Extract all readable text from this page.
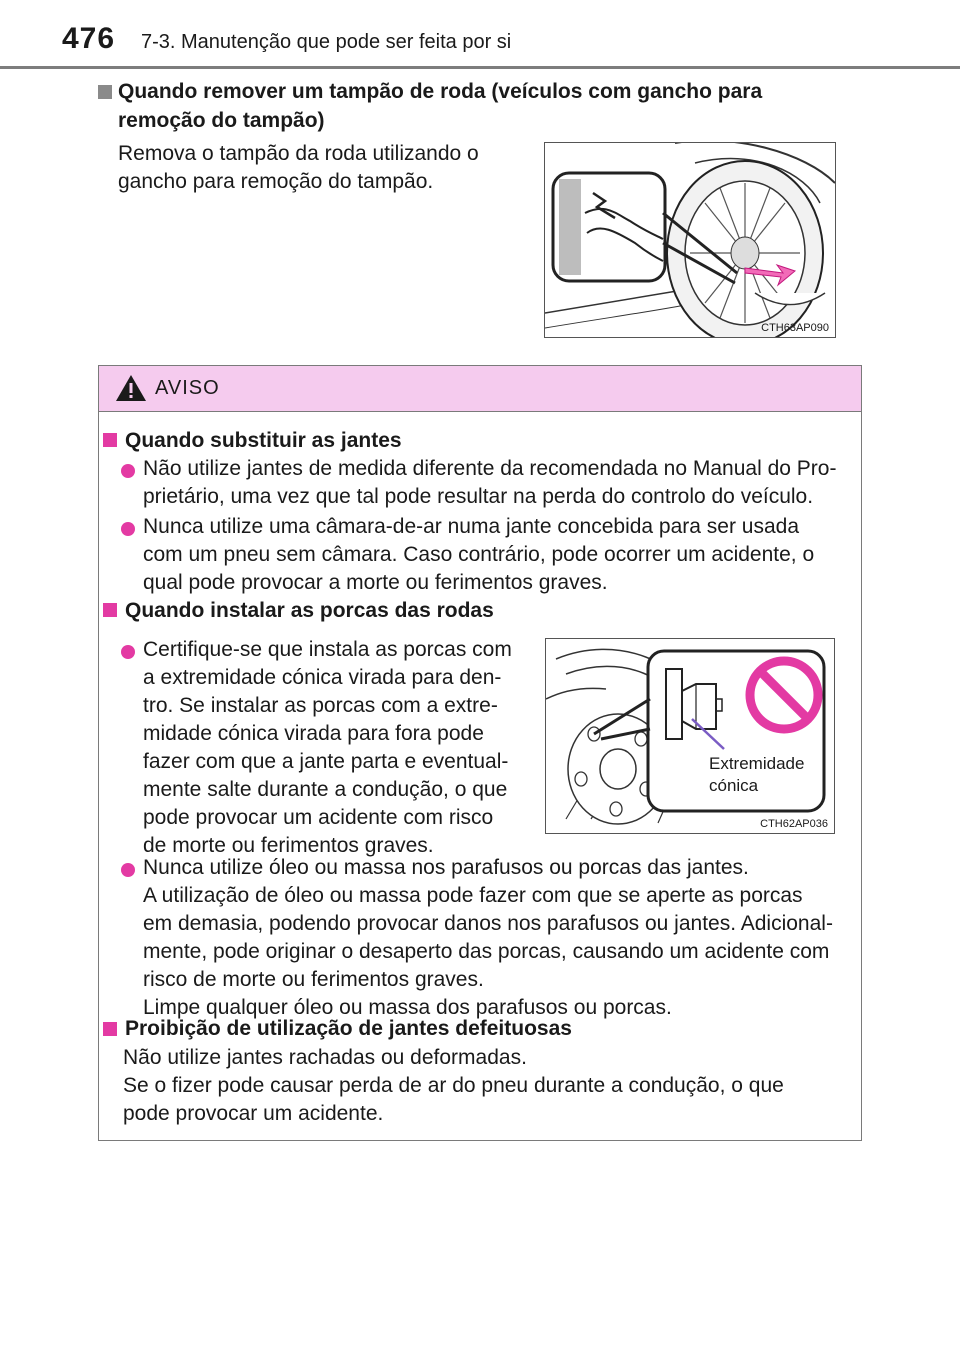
476 7-3. Manutenção que pode ser feita por si
Quando remover um tampão de roda (veículos com gancho para
remoção do tampão)
Remova o tampão da roda utilizando o
gancho para remoção do tampão.
CTH63AP090
AVISO
Quando substituir as jantes
Não utilize jantes de medida diferente da recomendada no Manual do Pro-
prietário, uma vez que tal pode resultar na perda do controlo do veículo.
Nunca utilize uma câmara-de-ar numa jante concebida para ser usada
com um pneu sem câmara. Caso contrário, pode ocorrer um acidente, o
qual pode provocar a morte ou ferimentos graves.
Quando instalar as porcas das rodas
Certifique-se que instala as porcas com
a extremidade cónica virada para den-
tro. Se instalar as porcas com a extre-
midade cónica virada para fora pode
fazer com que a jante parta e eventual-
mente salte durante a condução, o que
pode provocar um acidente com risco
de morte ou ferimentos graves.
Extremidade
cónica
CTH62AP036
Nunca utilize óleo ou massa nos parafusos ou porcas das jantes.
A utilização de óleo ou massa pode fazer com que se aperte as porcas
em demasia, podendo provocar danos nos parafusos ou jantes. Adicional-
mente, pode originar o desaperto das porcas, causando um acidente com
risco de morte ou ferimentos graves.
Limpe qualquer óleo ou massa dos parafusos ou porcas.
Proibição de utilização de jantes defeituosas
Não utilize jantes rachadas ou deformadas.
Se o fizer pode causar perda de ar do pneu durante a condução, o que
pode provocar um acidente.
